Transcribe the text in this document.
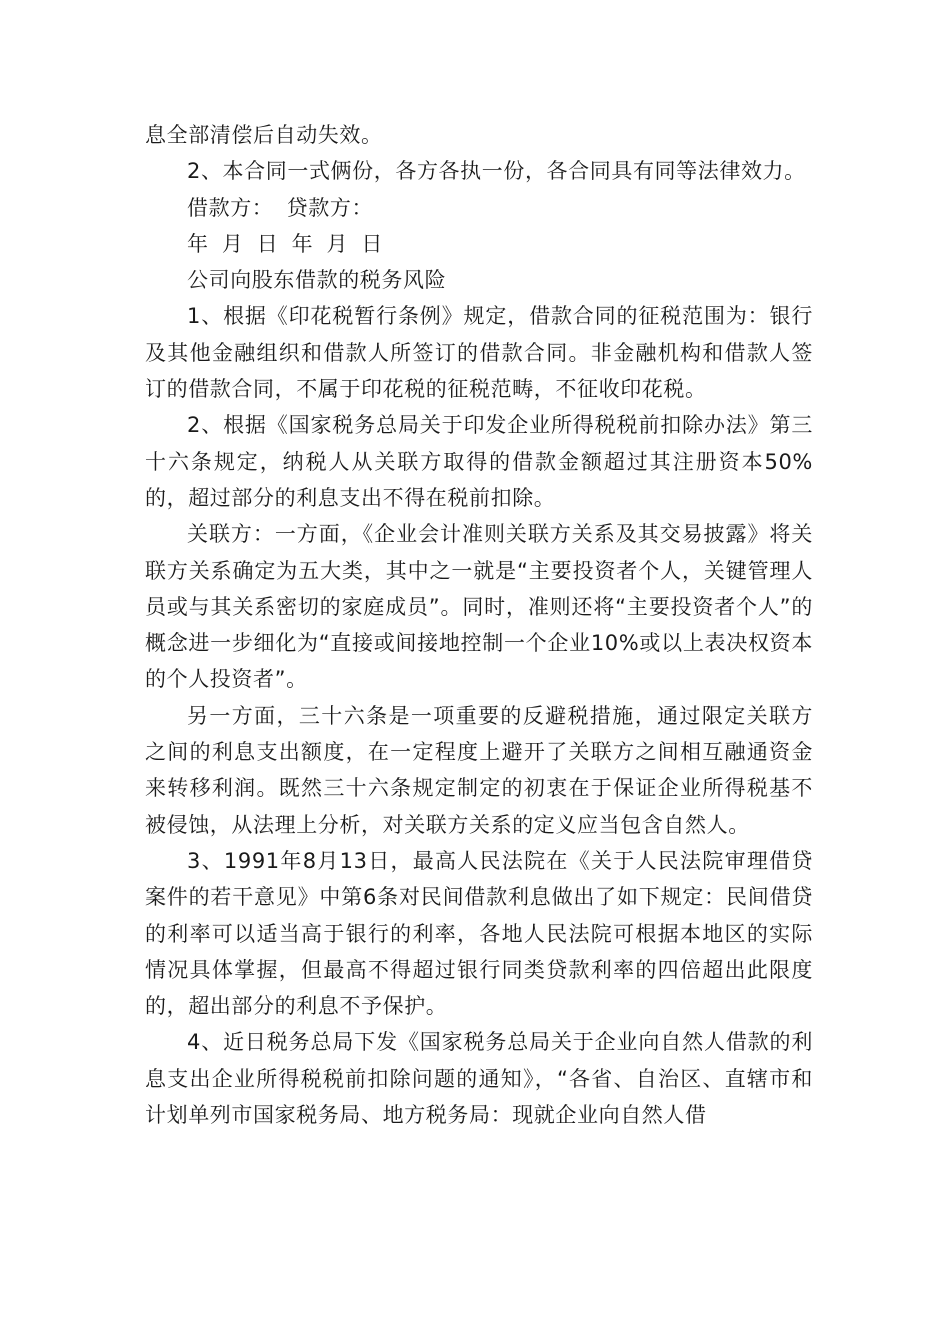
息全部清偿后自动失效。

2、本合同一式俩份，各方各执一份，各合同具有同等法律效力。

借款方： 贷款方：

年 月 日 年 月 日

公司向股东借款的税务风险

1、根据《印花税暂行条例》规定，借款合同的征税范围为：银行及其他金融组织和借款人所签订的借款合同。非金融机构和借款人签订的借款合同，不属于印花税的征税范畴，不征收印花税。

2、根据《国家税务总局关于印发企业所得税税前扣除办法》第三十六条规定，纳税人从关联方取得的借款金额超过其注册资本50%的，超过部分的利息支出不得在税前扣除。

关联方：一方面，《企业会计准则关联方关系及其交易披露》将关联方关系确定为五大类，其中之一就是“主要投资者个人，关键管理人员或与其关系密切的家庭成员”。同时，准则还将“主要投资者个人”的概念进一步细化为“直接或间接地控制一个企业10%或以上表决权资本的个人投资者”。

另一方面，三十六条是一项重要的反避税措施，通过限定关联方之间的利息支出额度，在一定程度上避开了关联方之间相互融通资金来转移利润。既然三十六条规定制定的初衷在于保证企业所得税基不被侵蚀，从法理上分析，对关联方关系的定义应当包含自然人。

3、1991年8月13日，最高人民法院在《关于人民法院审理借贷案件的若干意见》中第6条对民间借款利息做出了如下规定：民间借贷的利率可以适当高于银行的利率，各地人民法院可根据本地区的实际情况具体掌握，但最高不得超过银行同类贷款利率的四倍超出此限度的，超出部分的利息不予保护。

4、近日税务总局下发《国家税务总局关于企业向自然人借款的利息支出企业所得税税前扣除问题的通知》，“各省、自治区、直辖市和计划单列市国家税务局、地方税务局：现就企业向自然人借
